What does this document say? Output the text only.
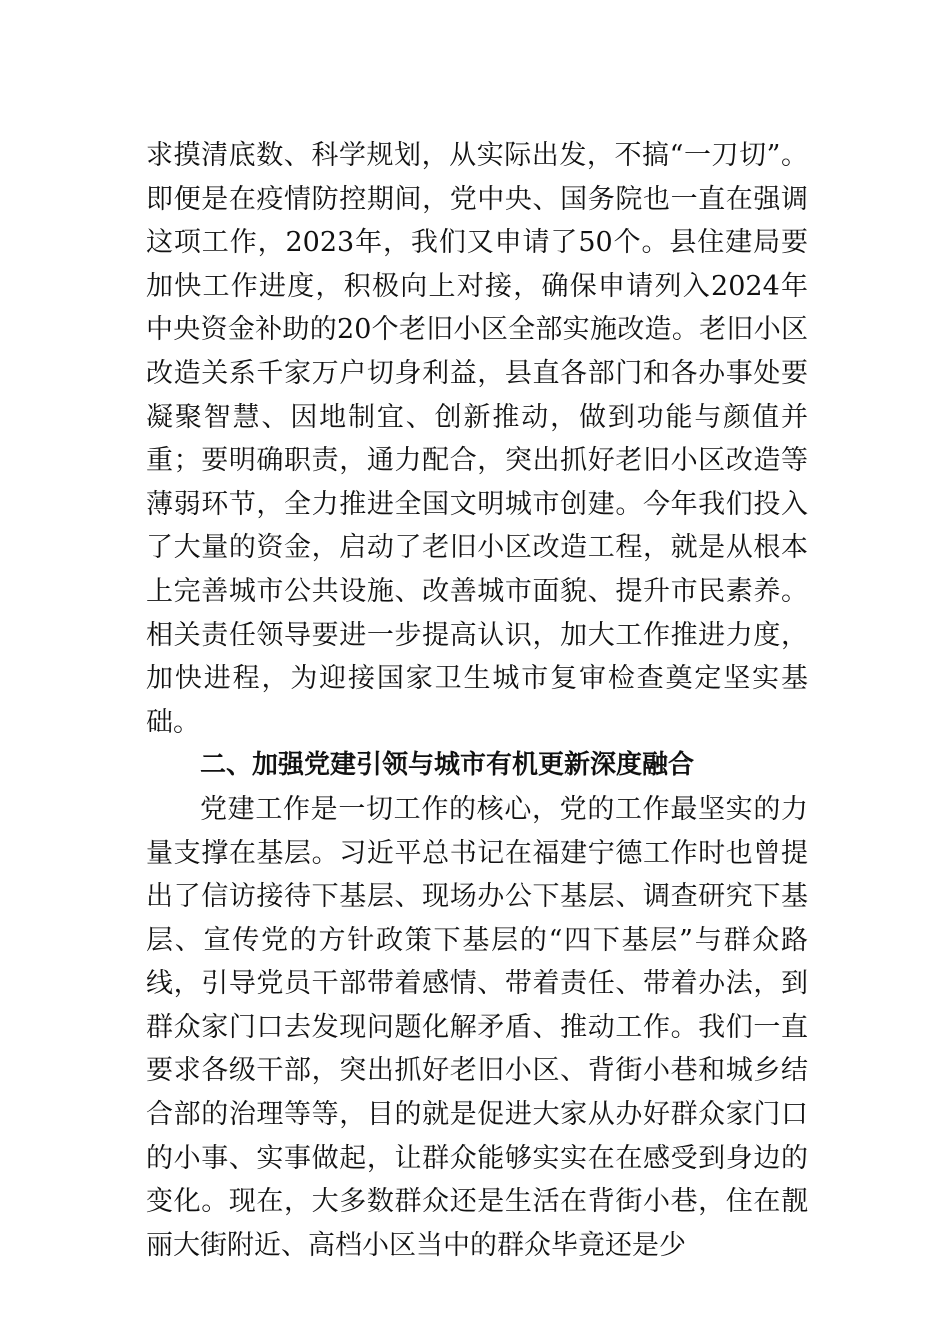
求摸清底数、科学规划，从实际出发，不搞“一刀切”。即便是在疫情防控期间，党中央、国务院也一直在强调这项工作，2023年，我们又申请了50个。县住建局要加快工作进度，积极向上对接，确保申请列入2024年中央资金补助的20个老旧小区全部实施改造。老旧小区改造关系千家万户切身利益，县直各部门和各办事处要凝聚智慧、因地制宜、创新推动，做到功能与颜值并重；要明确职责，通力配合，突出抓好老旧小区改造等薄弱环节，全力推进全国文明城市创建。今年我们投入了大量的资金，启动了老旧小区改造工程，就是从根本上完善城市公共设施、改善城市面貌、提升市民素养。相关责任领导要进一步提高认识，加大工作推进力度，加快进程，为迎接国家卫生城市复审检查奠定坚实基础。

二、加强党建引领与城市有机更新深度融合

党建工作是一切工作的核心，党的工作最坚实的力量支撑在基层。习近平总书记在福建宁德工作时也曾提出了信访接待下基层、现场办公下基层、调查研究下基层、宣传党的方针政策下基层的“四下基层”与群众路线，引导党员干部带着感情、带着责任、带着办法，到群众家门口去发现问题化解矛盾、推动工作。我们一直要求各级干部，突出抓好老旧小区、背街小巷和城乡结合部的治理等等，目的就是促进大家从办好群众家门口的小事、实事做起，让群众能够实实在在感受到身边的变化。现在，大多数群众还是生活在背街小巷，住在靓丽大街附近、高档小区当中的群众毕竟还是少
